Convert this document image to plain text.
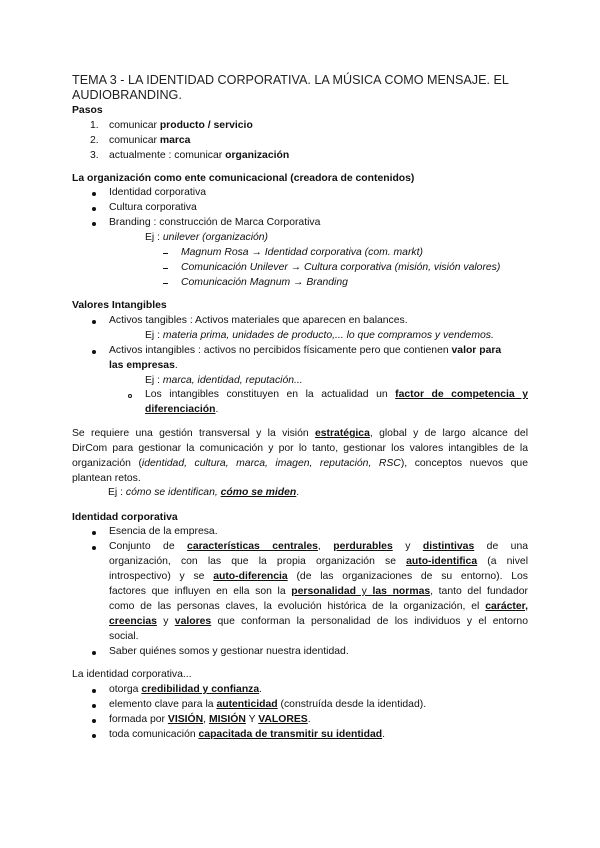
TEMA 3 - LA IDENTIDAD CORPORATIVA. LA MÚSICA COMO MENSAJE. EL
AUDIOBRANDING.
Pasos
1. comunicar producto / servicio
2. comunicar marca
3. actualmente : comunicar organización
La organización como ente comunicacional (creadora de contenidos)
Identidad corporativa
Cultura corporativa
Branding : construcción de Marca Corporativa
Ej : unilever (organización)
Magnum Rosa → Identidad corporativa (com. markt)
Comunicación Unilever → Cultura corporativa (misión, visión valores)
Comunicación Magnum → Branding
Valores Intangibles
Activos tangibles : Activos materiales que aparecen en balances.
Ej : materia prima, unidades de producto,... lo que compramos y vendemos.
Activos intangibles : activos no percibidos físicamente pero que contienen valor para
las empresas.
Ej : marca, identidad, reputación...
Los intangibles constituyen en la actualidad un factor de competencia y
diferenciación.
Se requiere una gestión transversal y la visión estratégica, global y de largo alcance del
DirCom para gestionar la comunicación y por lo tanto, gestionar los valores intangibles de la
organización (identidad, cultura, marca, imagen, reputación, RSC), conceptos nuevos que
plantean retos.
Ej : cómo se identifican, cómo se miden.
Identidad corporativa
Esencia de la empresa.
Conjunto de características centrales, perdurables y distintivas de una
organización, con las que la propia organización se auto-identifica (a nivel
introspectivo) y se auto-diferencia (de las organizaciones de su entorno). Los
factores que influyen en ella son la personalidad y las normas, tanto del fundador
como de las personas claves, la evolución histórica de la organización, el carácter,
creencias y valores que conforman la personalidad de los individuos y el entorno
social.
Saber quiénes somos y gestionar nuestra identidad.
La identidad corporativa...
otorga credibilidad y confianza.
elemento clave para la autenticidad (construída desde la identidad).
formada por VISIÓN, MISIÓN Y VALORES.
toda comunicación capacitada de transmitir su identidad.
